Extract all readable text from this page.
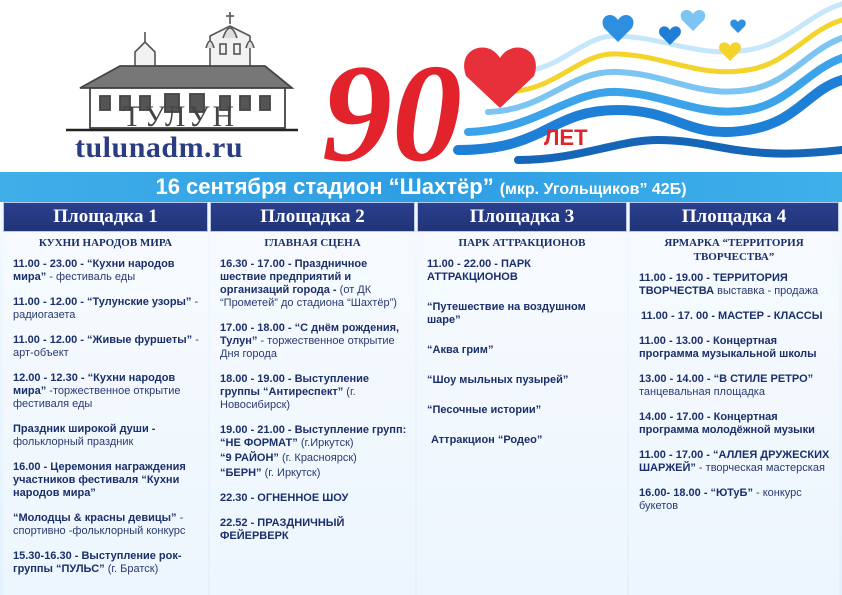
ТУЛУН
tulunadm.ru 90	ЛЕТ
16 сентября стадион “Шахтёр” (мкр. Угольщиков” 42Б)
Площадка 1
КУХНИ НАРОДОВ МИРА
11.00 - 23.00 - “Кухни народов мира” - фестиваль еды
11.00 - 12.00 - “Тулунские узоры” - радиогазета
11.00 - 12.00 - “Живые фуршеты” - арт-объект
12.00 - 12.30 - “Кухни народов мира” -торжественное открытие фестиваля еды
Праздник широкой души - фольклорный праздник
16.00 - Церемония награждения участников фестиваля “Кухни народов мира”
“Молодцы & красны девицы” - спортивно -фольклорный конкурс
15.30-16.30 - Выступление рок-группы “ПУЛЬС” (г. Братск)
Площадка 2
ГЛАВНАЯ СЦЕНА
16.30 - 17.00 - Праздничное шествие предприятий и организаций города - (от ДК “Прометей” до стадиона “Шахтёр”)
17.00 - 18.00 - “С днём рождения, Тулун” - торжественное открытие Дня города
18.00 - 19.00 - Выступление группы “Антиреспект” (г. Новосибирск)
19.00 - 21.00 - Выступление групп: “НЕ ФОРМАТ” (г.Иркутск)
“9 РАЙОН” (г. Красноярск)
“БЕРН” (г. Иркутск)
22.30 - ОГНЕННОЕ ШОУ
22.52 - ПРАЗДНИЧНЫЙ ФЕЙЕРВЕРК
Площадка 3
ПАРК АТТРАКЦИОНОВ
11.00 - 22.00 - ПАРК АТТРАКЦИОНОВ
“Путешествие на воздушном шаре”
“Аква грим”
“Шоу мыльных пузырей”
“Песочные истории”
Аттракцион “Родео”
Площадка 4
ЯРМАРКА “ТЕРРИТОРИЯ ТВОРЧЕСТВА”
11.00 - 19.00 - ТЕРРИТОРИЯ ТВОРЧЕСТВА выставка - продажа
11.00 - 17. 00 - МАСТЕР - КЛАССЫ
11.00 - 13.00 - Концертная программа музыкальной школы
13.00 - 14.00 - “В СТИЛЕ РЕТРО” танцевальная площадка
14.00 - 17.00 - Концертная программа молодёжной музыки
11.00 - 17.00 - “АЛЛЕЯ ДРУЖЕСКИХ ШАРЖЕЙ” - творческая мастерская
16.00- 18.00 - “ЮТуБ” - конкурс букетов
